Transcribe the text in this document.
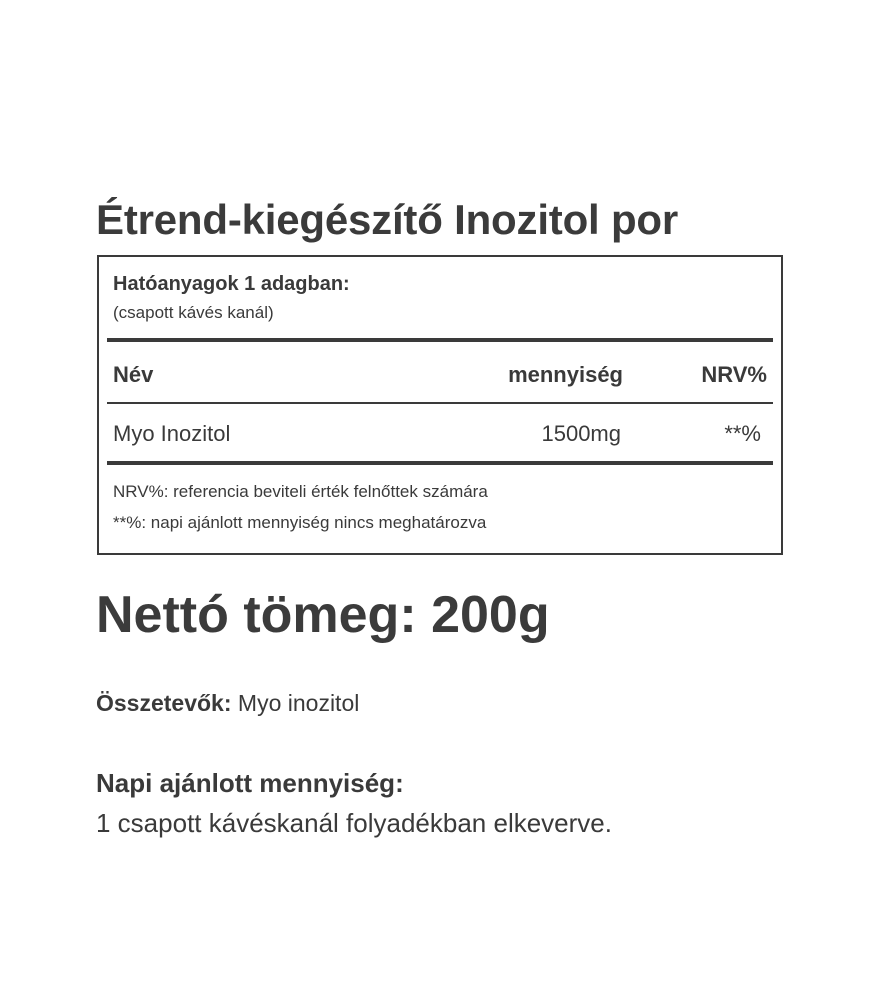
Étrend-kiegészítő Inozitol por
Hatóanyagok 1 adagban:
(csapott kávés kanál)
Név	mennyiség	NRV%
Myo Inozitol	1500mg	**%
NRV%: referencia beviteli érték felnőttek számára
**%: napi ajánlott mennyiség nincs meghatározva
Nettó tömeg: 200g
Összetevők: Myo inozitol
Napi ajánlott mennyiség:
1 csapott kávéskanál folyadékban elkeverve.
